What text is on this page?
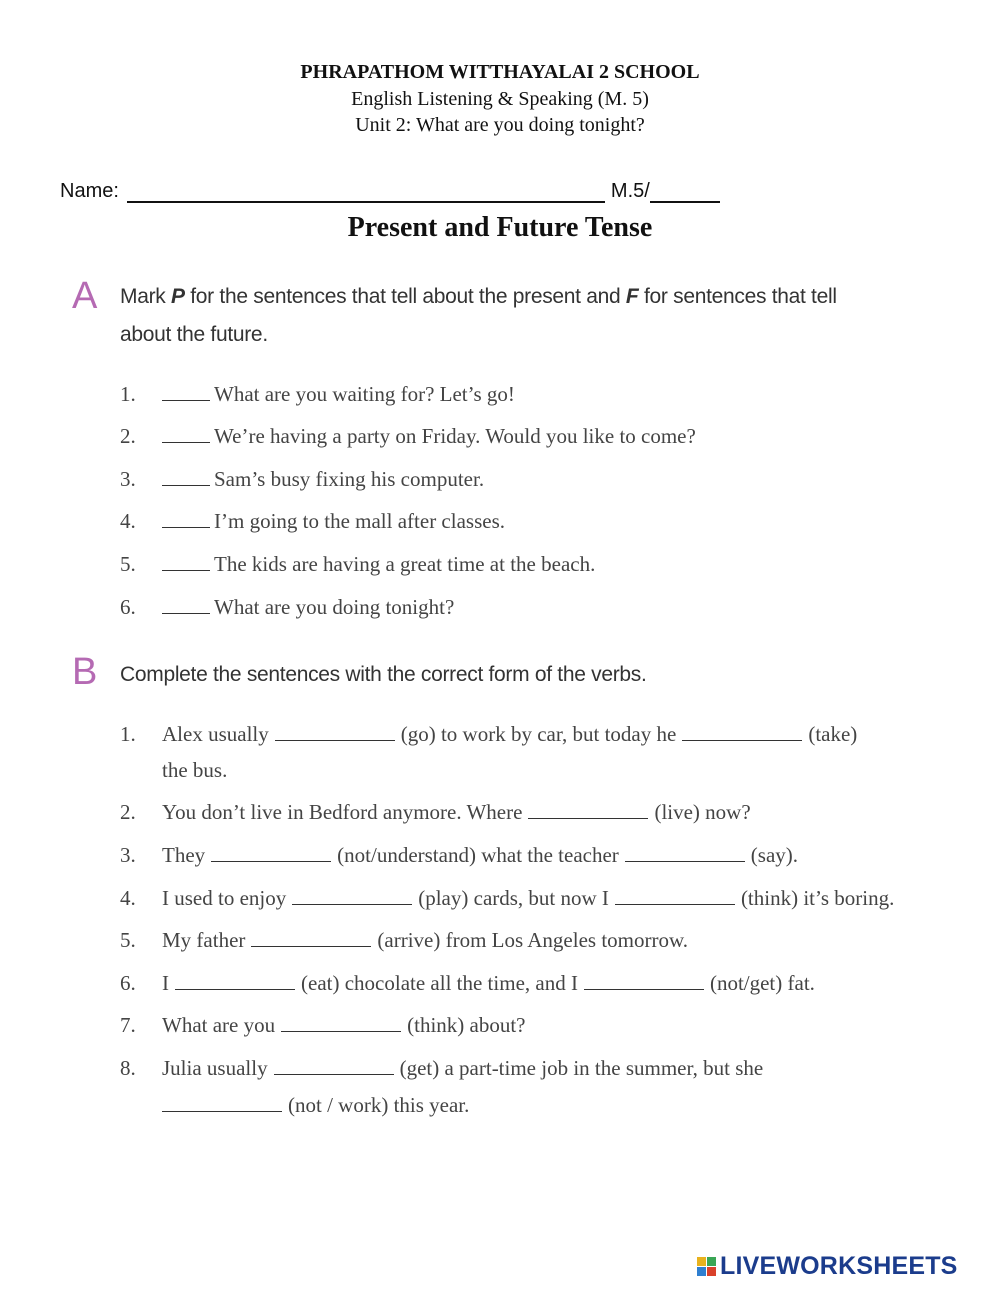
PHRAPATHOM WITTHAYALAI 2 SCHOOL
English Listening & Speaking (M. 5)
Unit 2: What are you doing tonight?
Name:	M.5/
Present and Future Tense
A Mark P for the sentences that tell about the present and F for sentences that tell about the future.
1.	What are you waiting for? Let’s go!
2.	We’re having a party on Friday. Would you like to come?
3.	Sam’s busy fixing his computer.
4.	I’m going to the mall after classes.
5.	The kids are having a great time at the beach.
6.	What are you doing tonight?
B Complete the sentences with the correct form of the verbs.
1.	Alex usually	(go) to work by car, but today he	(take)
the bus.
2.	You don’t live in Bedford anymore. Where	(live) now?
3.	They	(not/understand) what the teacher	(say).
4.	I used to enjoy	(play) cards, but now I	(think) it’s boring.
5.	My father	(arrive) from Los Angeles tomorrow.
6.	I	(eat) chocolate all the time, and I	(not/get) fat.
7.	What are you	(think) about?
8.	Julia usually	(get) a part-time job in the summer, but she
(not / work) this year.
LIVEWORKSHEETS
